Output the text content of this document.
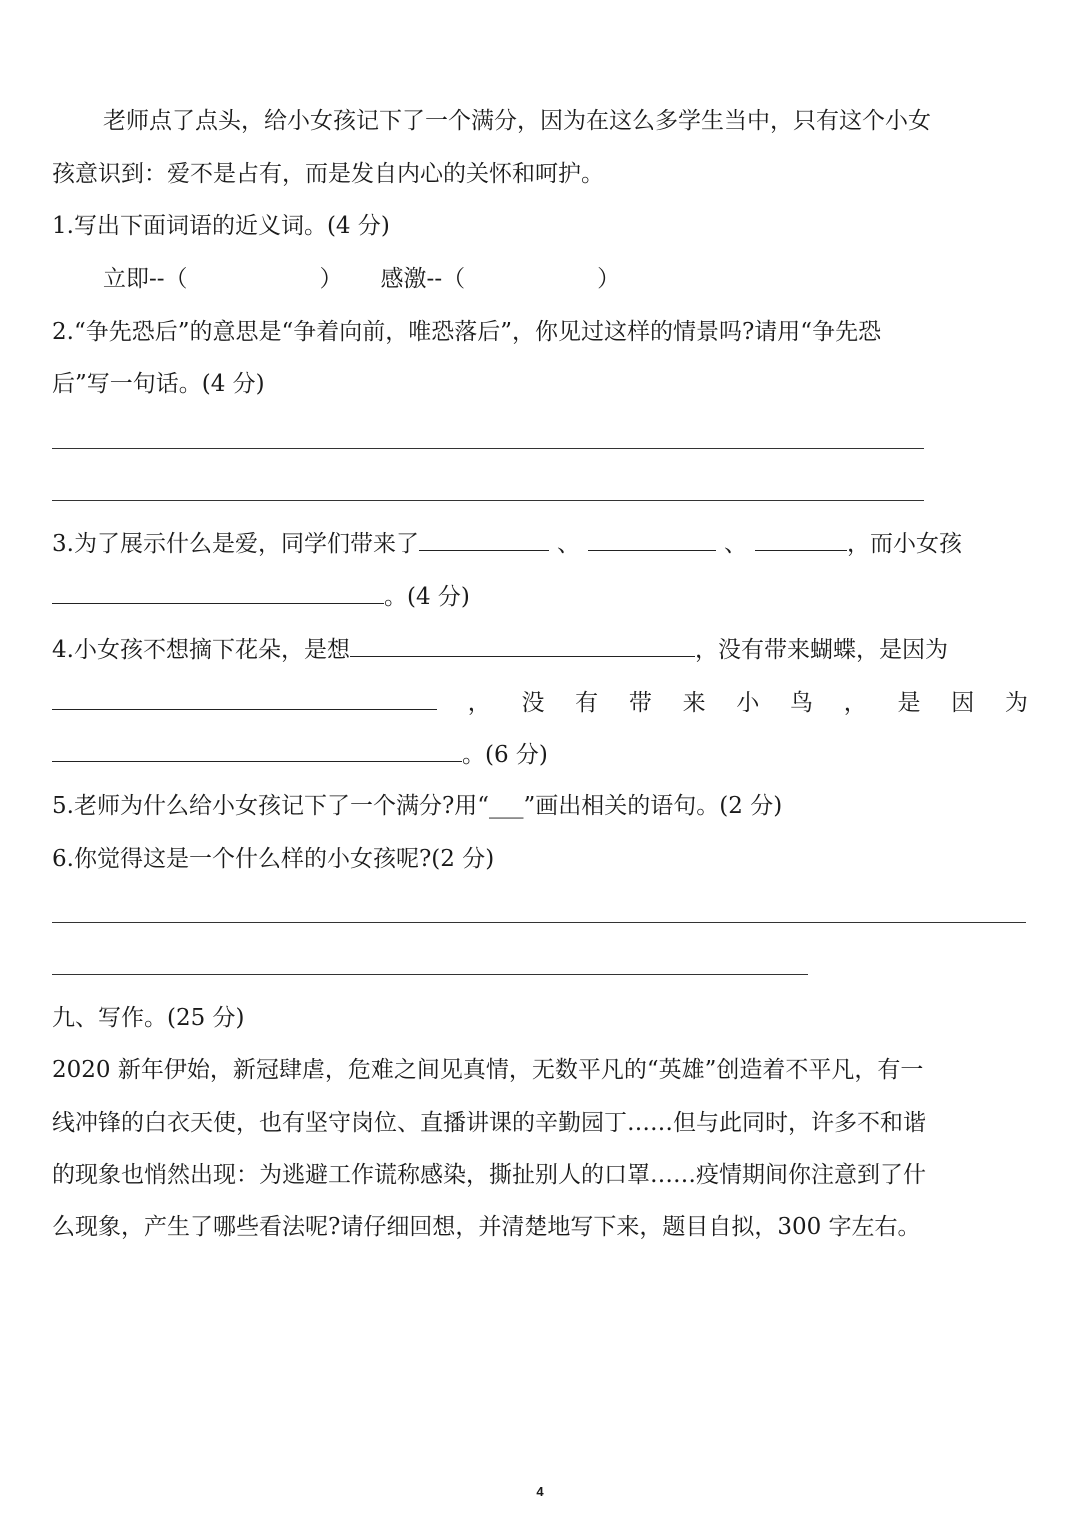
老师点了点头，给小女孩记下了一个满分，因为在这么多学生当中，只有这个小女
孩意识到：爱不是占有，而是发自内心的关怀和呵护。
1.写出下面词语的近义词。(4 分)
立即--（	） 感激--（	）
2.“争先恐后”的意思是“争着向前，唯恐落后”，你见过这样的情景吗?请用“争先恐
后”写一句话。(4 分)
3.为了展示什么是爱，同学们带来了	、	、	，而小女孩
。(4 分)
4.小女孩不想摘下花朵，是想	，没有带来蝴蝶，是因为
， 没 有 带 来 小 鸟 ， 是 因 为
。(6 分)
5.老师为什么给小女孩记下了一个满分?用“___”画出相关的语句。(2 分)
6.你觉得这是一个什么样的小女孩呢?(2 分)
九、写作。(25 分)
2020 新年伊始，新冠肆虐，危难之间见真情，无数平凡的“英雄”创造着不平凡，有一
线冲锋的白衣天使，也有坚守岗位、直播讲课的辛勤园丁……但与此同时，许多不和谐
的现象也悄然出现：为逃避工作谎称感染，撕扯别人的口罩……疫情期间你注意到了什
么现象，产生了哪些看法呢?请仔细回想，并清楚地写下来，题目自拟，300 字左右。
4
